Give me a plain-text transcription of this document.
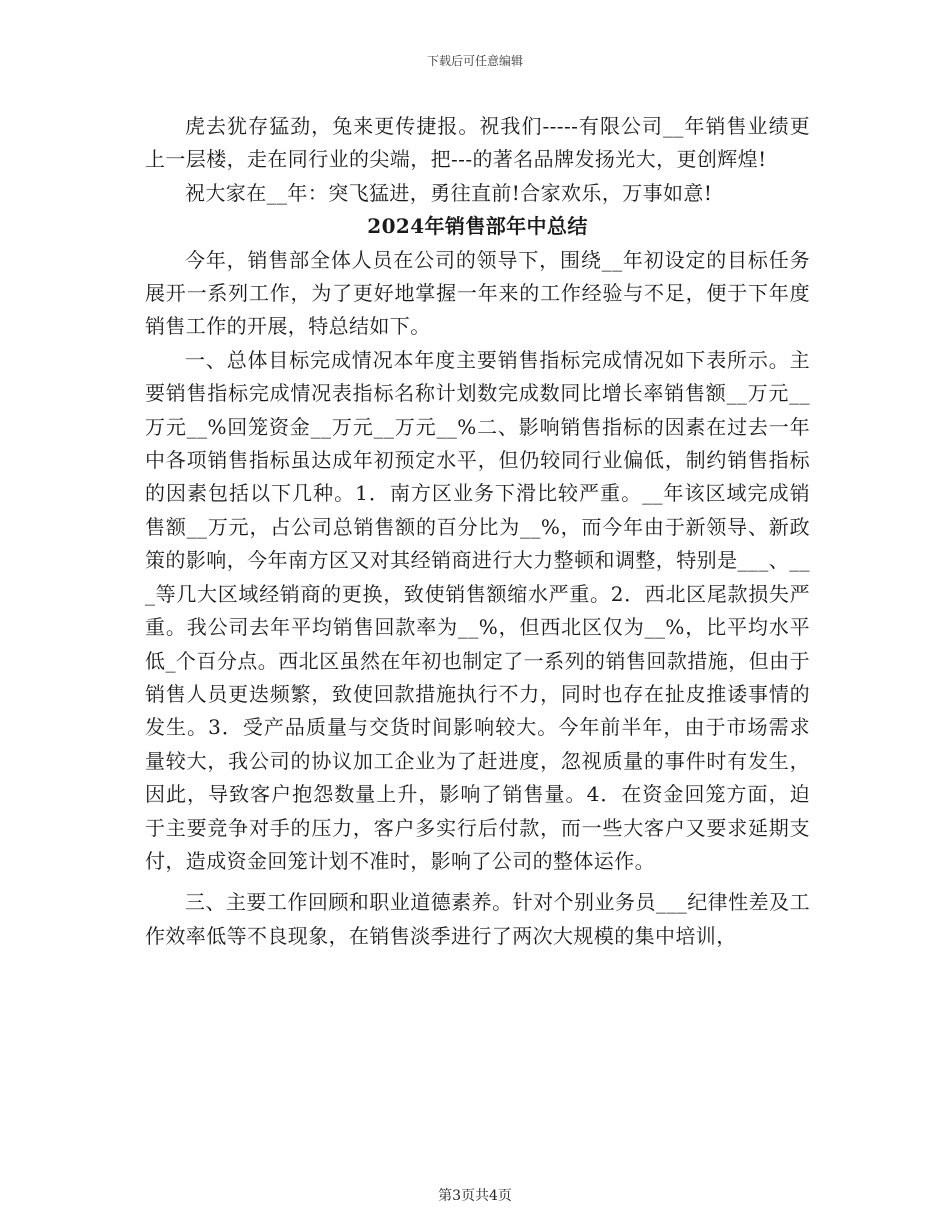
下载后可任意编辑

虎去犹存猛劲，兔来更传捷报。祝我们-----有限公司__年销售业绩更上一层楼，走在同行业的尖端，把---的著名品牌发扬光大，更创辉煌!

祝大家在__年：突飞猛进，勇往直前!合家欢乐，万事如意!

2024年销售部年中总结

今年，销售部全体人员在公司的领导下，围绕__年初设定的目标任务展开一系列工作，为了更好地掌握一年来的工作经验与不足，便于下年度销售工作的开展，特总结如下。

一、总体目标完成情况本年度主要销售指标完成情况如下表所示。主要销售指标完成情况表指标名称计划数完成数同比增长率销售额__万元__万元__%回笼资金__万元__万元__%二、影响销售指标的因素在过去一年中各项销售指标虽达成年初预定水平，但仍较同行业偏低，制约销售指标的因素包括以下几种。1．南方区业务下滑比较严重。__年该区域完成销售额__万元，占公司总销售额的百分比为__%，而今年由于新领导、新政策的影响，今年南方区又对其经销商进行大力整顿和调整，特别是___、___等几大区域经销商的更换，致使销售额缩水严重。2．西北区尾款损失严重。我公司去年平均销售回款率为__%，但西北区仅为__%，比平均水平低_个百分点。西北区虽然在年初也制定了一系列的销售回款措施，但由于销售人员更迭频繁，致使回款措施执行不力，同时也存在扯皮推诿事情的发生。3．受产品质量与交货时间影响较大。今年前半年，由于市场需求量较大，我公司的协议加工企业为了赶进度，忽视质量的事件时有发生，因此，导致客户抱怨数量上升，影响了销售量。4．在资金回笼方面，迫于主要竞争对手的压力，客户多实行后付款，而一些大客户又要求延期支付，造成资金回笼计划不准时，影响了公司的整体运作。

三、主要工作回顾和职业道德素养。针对个别业务员___纪律性差及工作效率低等不良现象，在销售淡季进行了两次大规模的集中培训，

第3页共4页
